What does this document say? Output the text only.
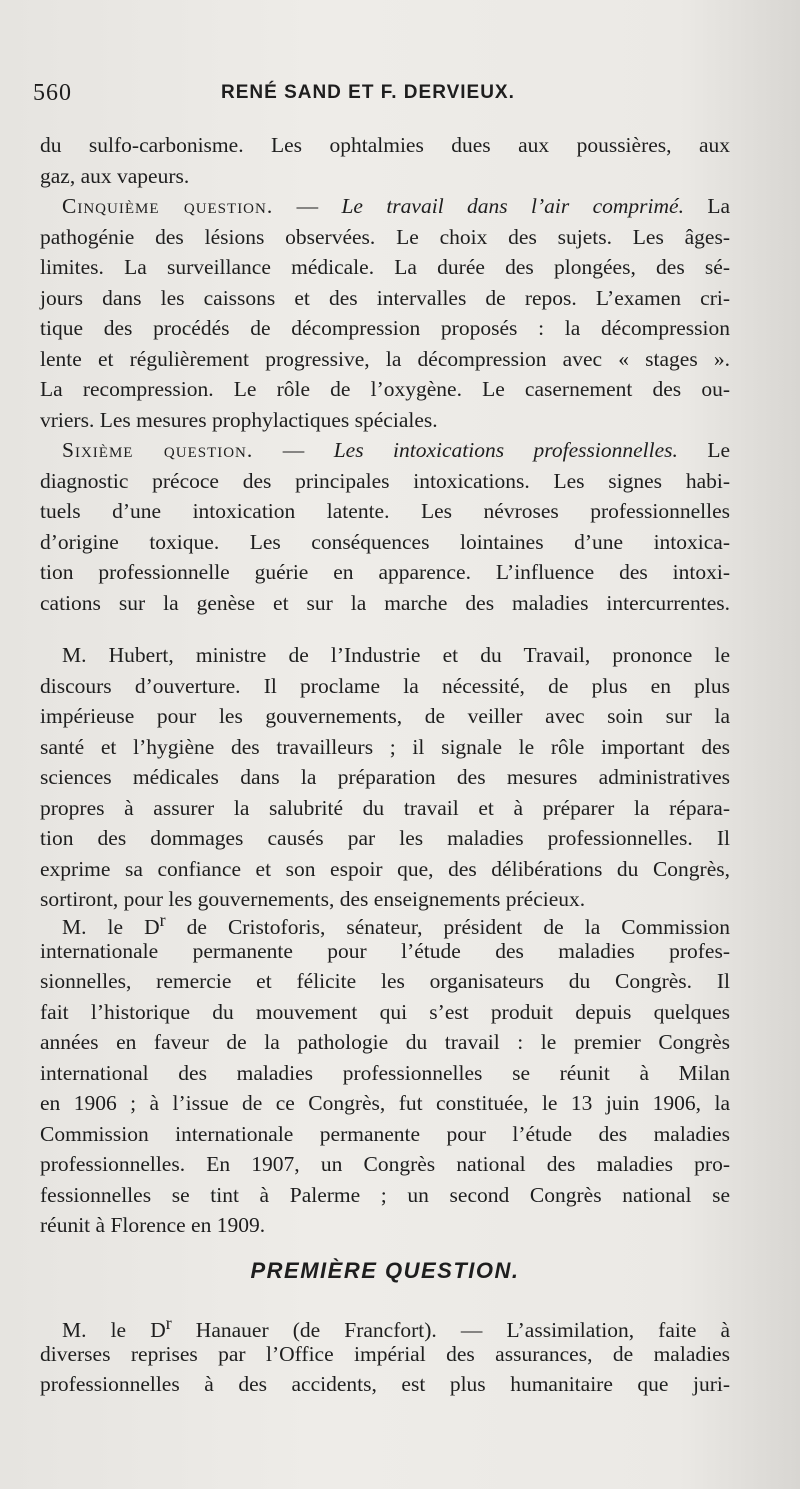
560	RENÉ SAND ET F. DERVIEUX.
du sulfo-carbonisme. Les ophtalmies dues aux poussières, aux
gaz, aux vapeurs.
Cinquième question. — Le travail dans l’air comprimé. La
pathogénie des lésions observées. Le choix des sujets. Les âges-
limites. La surveillance médicale. La durée des plongées, des sé-
jours dans les caissons et des intervalles de repos. L’examen cri-
tique des procédés de décompression proposés : la décompression
lente et régulièrement progressive, la décompression avec « stages ».
La recompression. Le rôle de l’oxygène. Le casernement des ou-
vriers. Les mesures prophylactiques spéciales.
Sixième question. — Les intoxications professionnelles. Le
diagnostic précoce des principales intoxications. Les signes habi-
tuels d’une intoxication latente. Les névroses professionnelles
d’origine toxique. Les conséquences lointaines d’une intoxica-
tion professionnelle guérie en apparence. L’influence des intoxi-
cations sur la genèse et sur la marche des maladies intercurrentes.
M. Hubert, ministre de l’Industrie et du Travail, prononce le
discours d’ouverture. Il proclame la nécessité, de plus en plus
impérieuse pour les gouvernements, de veiller avec soin sur la
santé et l’hygiène des travailleurs ; il signale le rôle important des
sciences médicales dans la préparation des mesures administratives
propres à assurer la salubrité du travail et à préparer la répara-
tion des dommages causés par les maladies professionnelles. Il
exprime sa confiance et son espoir que, des délibérations du Congrès,
sortiront, pour les gouvernements, des enseignements précieux.
M. le $D^r$ de Cristoforis, sénateur, président de la Commission
internationale permanente pour l’étude des maladies profes-
sionnelles, remercie et félicite les organisateurs du Congrès. Il
fait l’historique du mouvement qui s’est produit depuis quelques
années en faveur de la pathologie du travail : le premier Congrès
international des maladies professionnelles se réunit à Milan
en 1906 ; à l’issue de ce Congrès, fut constituée, le 13 juin 1906, la
Commission internationale permanente pour l’étude des maladies
professionnelles. En 1907, un Congrès national des maladies pro-
fessionnelles se tint à Palerme ; un second Congrès national se
réunit à Florence en 1909.
PREMIÈRE QUESTION.
M. le $D^r$ Hanauer (de Francfort). — L’assimilation, faite à
diverses reprises par l’Office impérial des assurances, de maladies
professionnelles à des accidents, est plus humanitaire que juri-
